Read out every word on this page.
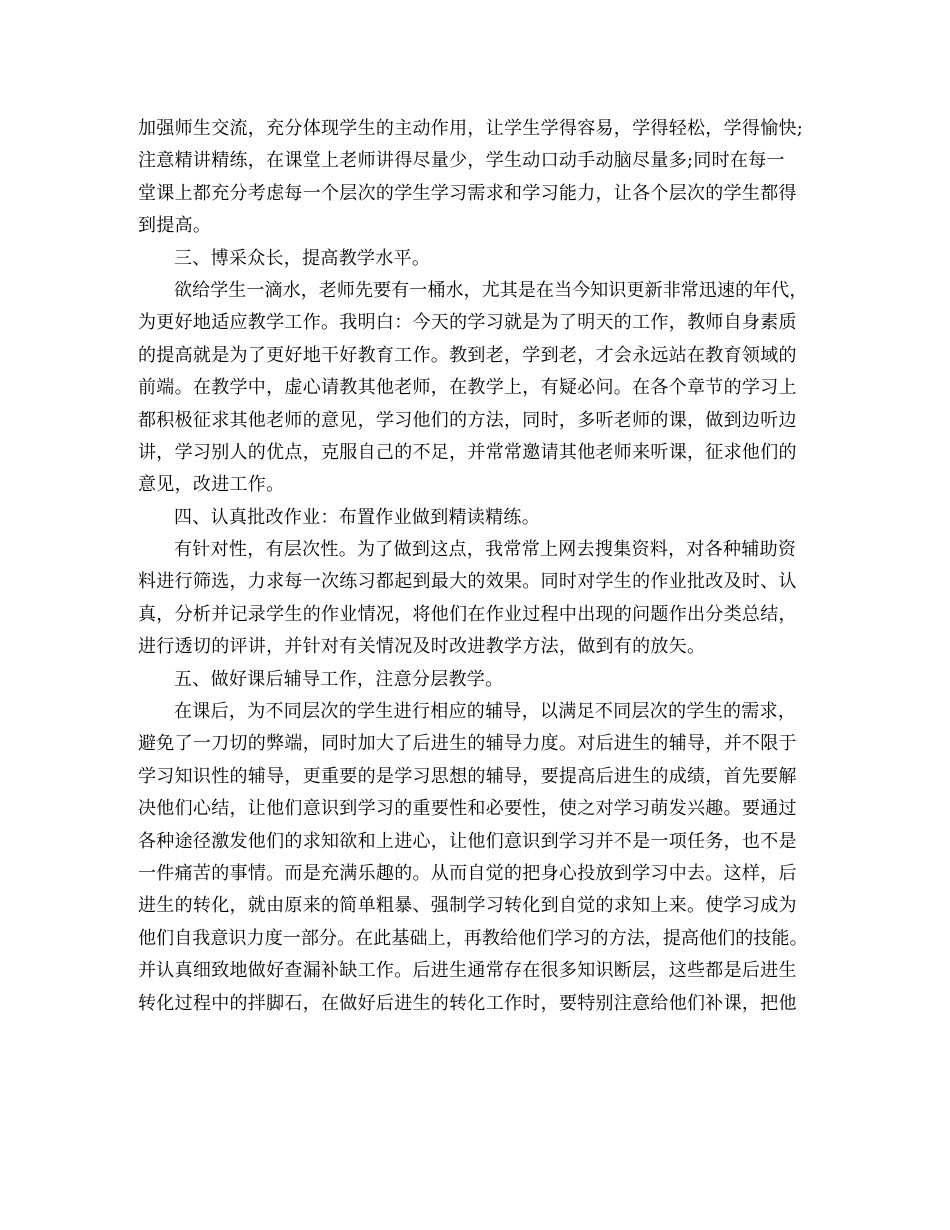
加强师生交流，充分体现学生的主动作用，让学生学得容易，学得轻松，学得愉快;
注意精讲精练，在课堂上老师讲得尽量少，学生动口动手动脑尽量多;同时在每一
堂课上都充分考虑每一个层次的学生学习需求和学习能力，让各个层次的学生都得
到提高。
三、博采众长，提高教学水平。
欲给学生一滴水，老师先要有一桶水，尤其是在当今知识更新非常迅速的年代，
为更好地适应教学工作。我明白：今天的学习就是为了明天的工作，教师自身素质
的提高就是为了更好地干好教育工作。教到老，学到老，才会永远站在教育领域的
前端。在教学中，虚心请教其他老师，在教学上，有疑必问。在各个章节的学习上
都积极征求其他老师的意见，学习他们的方法，同时，多听老师的课，做到边听边
讲，学习别人的优点，克服自己的不足，并常常邀请其他老师来听课，征求他们的
意见，改进工作。
四、认真批改作业：布置作业做到精读精练。
有针对性，有层次性。为了做到这点，我常常上网去搜集资料，对各种辅助资
料进行筛选，力求每一次练习都起到最大的效果。同时对学生的作业批改及时、认
真，分析并记录学生的作业情况，将他们在作业过程中出现的问题作出分类总结，
进行透切的评讲，并针对有关情况及时改进教学方法，做到有的放矢。
五、做好课后辅导工作，注意分层教学。
在课后，为不同层次的学生进行相应的辅导，以满足不同层次的学生的需求，
避免了一刀切的弊端，同时加大了后进生的辅导力度。对后进生的辅导，并不限于
学习知识性的辅导，更重要的是学习思想的辅导，要提高后进生的成绩，首先要解
决他们心结，让他们意识到学习的重要性和必要性，使之对学习萌发兴趣。要通过
各种途径激发他们的求知欲和上进心，让他们意识到学习并不是一项任务，也不是
一件痛苦的事情。而是充满乐趣的。从而自觉的把身心投放到学习中去。这样，后
进生的转化，就由原来的简单粗暴、强制学习转化到自觉的求知上来。使学习成为
他们自我意识力度一部分。在此基础上，再教给他们学习的方法，提高他们的技能。
并认真细致地做好查漏补缺工作。后进生通常存在很多知识断层，这些都是后进生
转化过程中的拌脚石，在做好后进生的转化工作时，要特别注意给他们补课，把他
